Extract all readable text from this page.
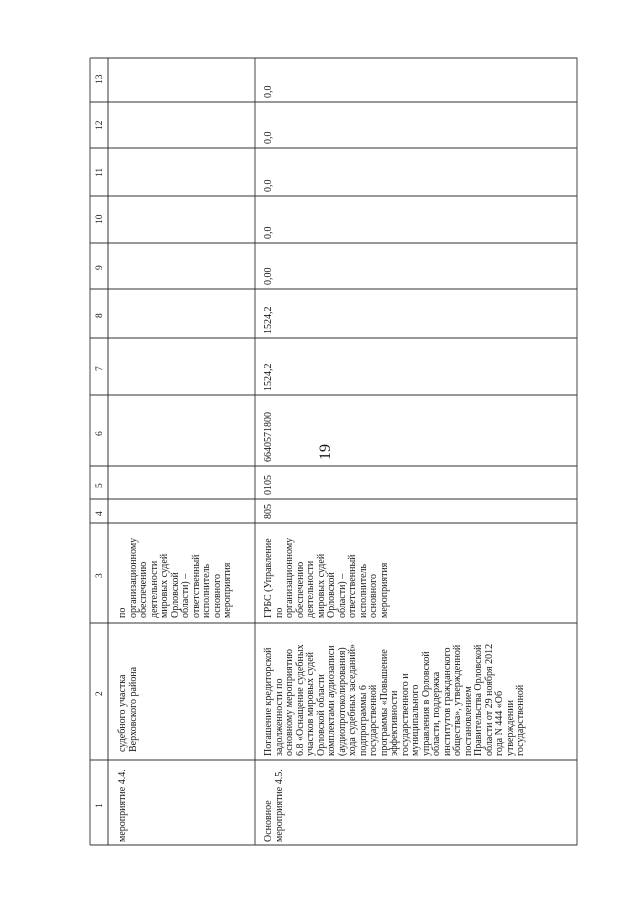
19
1
2
3
4
5
6
7
8
9
10
11
12
13
мероприятие 4.4.
судебного участка Верховского района
по организационному обеспечению деятельности мировых судей Орловской области) – ответственный исполнитель основного мероприятия
Основное мероприятие 4.5.
Погашение кредиторской задолженности по основному мероприятию 6.8 «Оснащение судебных участков мировых судей Орловской области комплектами аудиозаписи (аудиопротоколирования) хода судебных заседаний» подпрограммы 6 государственной программы «Повышение эффективности государственного и муниципального управления в Орловской области, поддержка институтов гражданского общества», утвержденной постановлением Правительства Орловской области от 29 ноября 2012 года N 444 «Об утверждении государственной
ГРБС (Управление по организационному обеспечению деятельности мировых судей Орловской области) – ответственный исполнитель основного мероприятия
805
0105
6640571800
1524,2
1524,2
0,00
0,0
0,0
0,0
0,0
